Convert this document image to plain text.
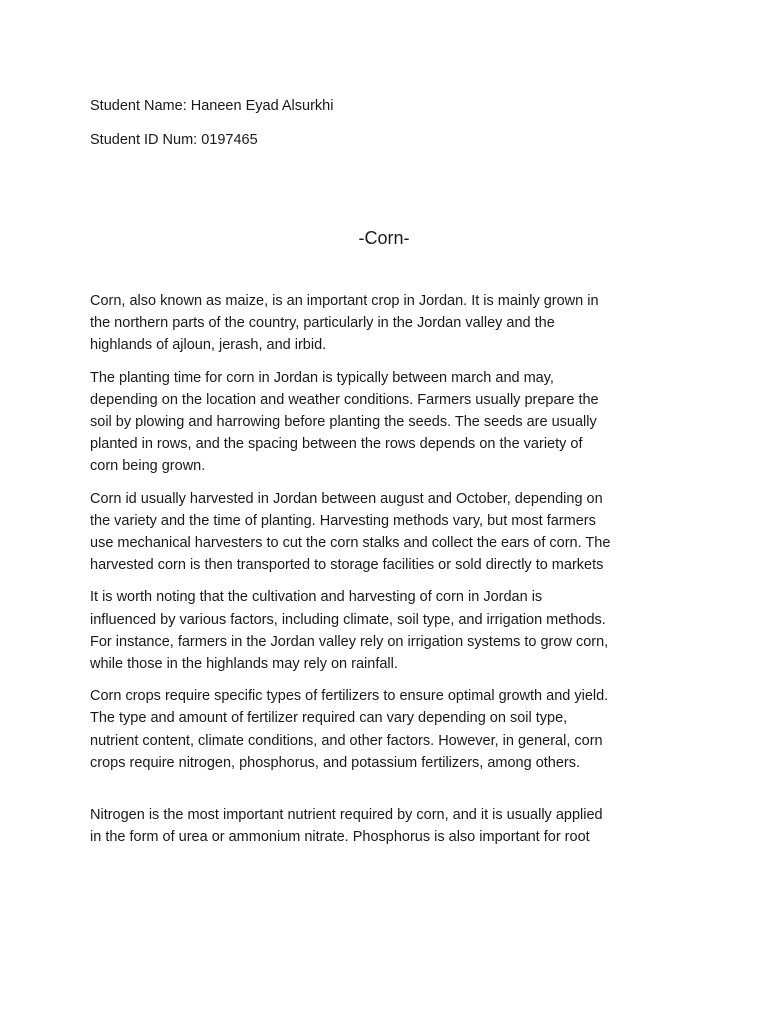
Student Name: Haneen Eyad Alsurkhi
Student ID Num: 0197465
-Corn-

Corn, also known as maize, is an important crop in Jordan. It is mainly grown in

the northern parts of the country, particularly in the Jordan valley and the

highlands of ajloun, jerash, and irbid.

The planting time for corn in Jordan is typically between march and may,

depending on the location and weather conditions. Farmers usually prepare the

soil by plowing and harrowing before planting the seeds. The seeds are usually

planted in rows, and the spacing between the rows depends on the variety of

corn being grown.

Corn id usually harvested in Jordan between august and October, depending on

the variety and the time of planting. Harvesting methods vary, but most farmers

use mechanical harvesters to cut the corn stalks and collect the ears of corn. The

harvested corn is then transported to storage facilities or sold directly to markets

It is worth noting that the cultivation and harvesting of corn in Jordan is

influenced by various factors, including climate, soil type, and irrigation methods.

For instance, farmers in the Jordan valley rely on irrigation systems to grow corn,

while those in the highlands may rely on rainfall.

Corn crops require specific types of fertilizers to ensure optimal growth and yield.

The type and amount of fertilizer required can vary depending on soil type,

nutrient content, climate conditions, and other factors. However, in general, corn

crops require nitrogen, phosphorus, and potassium fertilizers, among others.

Nitrogen is the most important nutrient required by corn, and it is usually applied

in the form of urea or ammonium nitrate. Phosphorus is also important for root
